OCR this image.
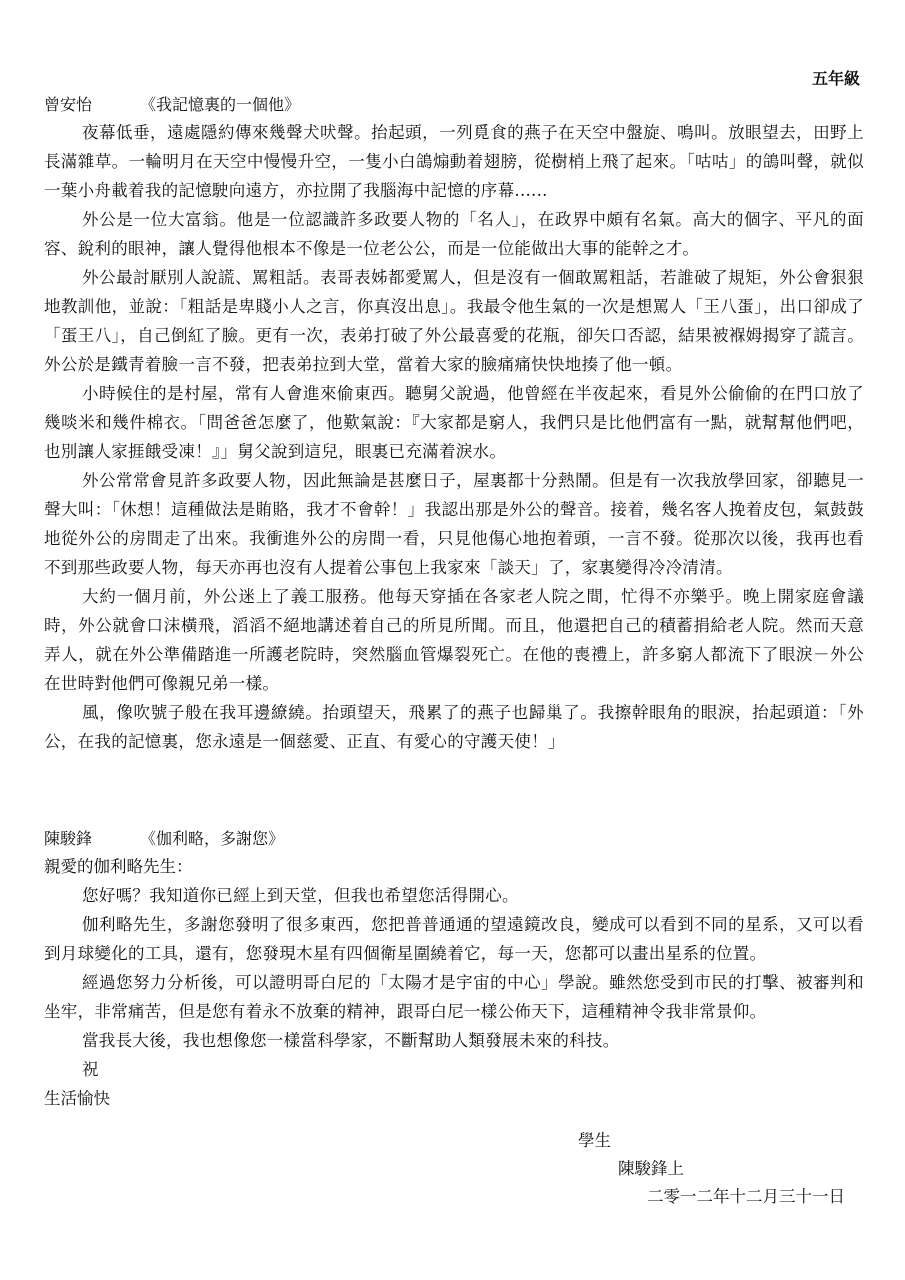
五年級
曾安怡	《我記憶裏的一個他》

夜幕低垂，遠處隱約傳來幾聲犬吠聲。抬起頭，一列覓食的燕子在天空中盤旋、鳴叫。放眼望去，田野上長滿雜草。一輪明月在天空中慢慢升空，一隻小白鴿煽動着翅膀，從樹梢上飛了起來。「咕咕」的鴿叫聲，就似一葉小舟載着我的記憶駛向遠方，亦拉開了我腦海中記憶的序幕......

外公是一位大富翁。他是一位認識許多政要人物的「名人」，在政界中頗有名氣。高大的個字、平凡的面容、銳利的眼神，讓人覺得他根本不像是一位老公公，而是一位能做出大事的能幹之才。

外公最討厭別人說謊、罵粗話。表哥表姊都愛罵人，但是沒有一個敢罵粗話，若誰破了規矩，外公會狠狠地教訓他，並說：「粗話是卑賤小人之言，你真沒出息」。我最令他生氣的一次是想罵人「王八蛋」，出口卻成了「蛋王八」，自己倒紅了臉。更有一次，表弟打破了外公最喜愛的花瓶，卻矢口否認，結果被褓姆揭穿了謊言。外公於是鐵青着臉一言不發，把表弟拉到大堂，當着大家的臉痛痛快快地揍了他一頓。

小時候住的是村屋，常有人會進來偷東西。聽舅父說過，他曾經在半夜起來，看見外公偷偷的在門口放了幾啖米和幾件棉衣。「問爸爸怎麼了，他歎氣說：『大家都是窮人，我們只是比他們富有一點，就幫幫他們吧，也別讓人家捱餓受凍！』」舅父說到這兒，眼裏已充滿着淚水。

外公常常會見許多政要人物，因此無論是甚麼日子，屋裏都十分熱鬧。但是有一次我放學回家，卻聽見一聲大叫：「休想！這種做法是賄賂，我才不會幹！」我認出那是外公的聲音。接着，幾名客人挽着皮包，氣鼓鼓地從外公的房間走了出來。我衝進外公的房間一看，只見他傷心地抱着頭，一言不發。從那次以後，我再也看不到那些政要人物，每天亦再也沒有人提着公事包上我家來「談天」了，家裏變得冷冷清清。

大約一個月前，外公迷上了義工服務。他每天穿插在各家老人院之間，忙得不亦樂乎。晚上開家庭會議時，外公就會口沫橫飛，滔滔不絕地講述着自己的所見所聞。而且，他還把自己的積蓄捐給老人院。然而天意弄人，就在外公準備踏進一所護老院時，突然腦血管爆裂死亡。在他的喪禮上，許多窮人都流下了眼淚－外公在世時對他們可像親兄弟一樣。

風，像吹號子般在我耳邊繚繞。抬頭望天，飛累了的燕子也歸巢了。我擦幹眼角的眼淚，抬起頭道：「外公，在我的記憶裏，您永遠是一個慈愛、正直、有愛心的守護天使！」

陳駿鋒	《伽利略，多謝您》

親愛的伽利略先生：

您好嗎？我知道你已經上到天堂，但我也希望您活得開心。

伽利略先生，多謝您發明了很多東西，您把普普通通的望遠鏡改良，變成可以看到不同的星系，又可以看到月球變化的工具，還有，您發現木星有四個衛星圍繞着它，每一天，您都可以畫出星系的位置。

經過您努力分析後，可以證明哥白尼的「太陽才是宇宙的中心」學說。雖然您受到市民的打擊、被審判和坐牢，非常痛苦，但是您有着永不放棄的精神，跟哥白尼一樣公佈天下，這種精神令我非常景仰。

當我長大後，我也想像您一樣當科學家，不斷幫助人類發展未來的科技。

祝

生活愉快

學生
陳駿鋒上
二零一二年十二月三十一日
